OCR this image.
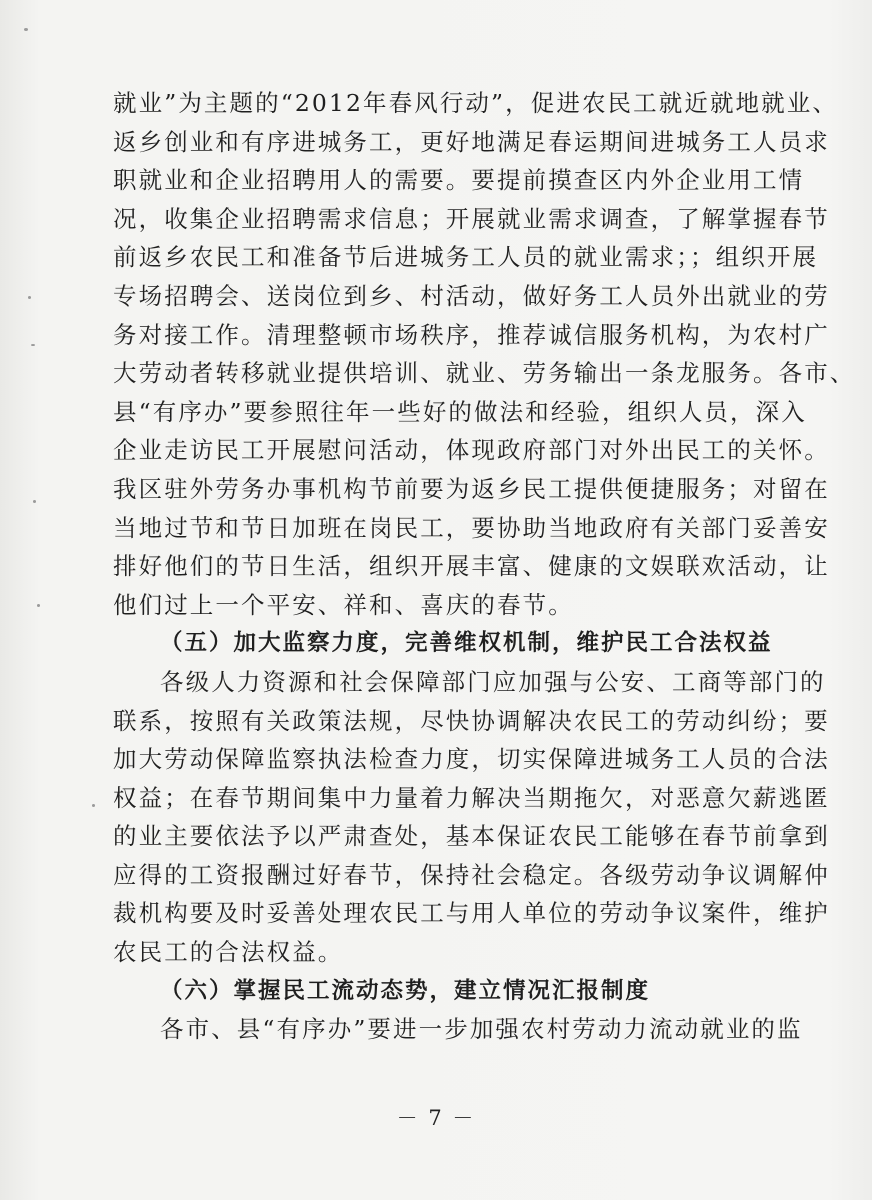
就业”为主题的“2012年春风行动”，促进农民工就近就地就业、
返乡创业和有序进城务工，更好地满足春运期间进城务工人员求
职就业和企业招聘用人的需要。要提前摸查区内外企业用工情
况，收集企业招聘需求信息；开展就业需求调查，了解掌握春节
前返乡农民工和准备节后进城务工人员的就业需求；；组织开展
专场招聘会、送岗位到乡、村活动，做好务工人员外出就业的劳
务对接工作。清理整顿市场秩序，推荐诚信服务机构，为农村广
大劳动者转移就业提供培训、就业、劳务输出一条龙服务。各市、
县“有序办”要参照往年一些好的做法和经验，组织人员，深入
企业走访民工开展慰问活动，体现政府部门对外出民工的关怀。
我区驻外劳务办事机构节前要为返乡民工提供便捷服务；对留在
当地过节和节日加班在岗民工，要协助当地政府有关部门妥善安
排好他们的节日生活，组织开展丰富、健康的文娱联欢活动，让
他们过上一个平安、祥和、喜庆的春节。
（五）加大监察力度，完善维权机制，维护民工合法权益
各级人力资源和社会保障部门应加强与公安、工商等部门的
联系，按照有关政策法规，尽快协调解决农民工的劳动纠纷；要
加大劳动保障监察执法检查力度，切实保障进城务工人员的合法
权益；在春节期间集中力量着力解决当期拖欠，对恶意欠薪逃匿
的业主要依法予以严肃查处，基本保证农民工能够在春节前拿到
应得的工资报酬过好春节，保持社会稳定。各级劳动争议调解仲
裁机构要及时妥善处理农民工与用人单位的劳动争议案件，维护
农民工的合法权益。
（六）掌握民工流动态势，建立情况汇报制度
各市、县“有序办”要进一步加强农村劳动力流动就业的监
－ 7 －
